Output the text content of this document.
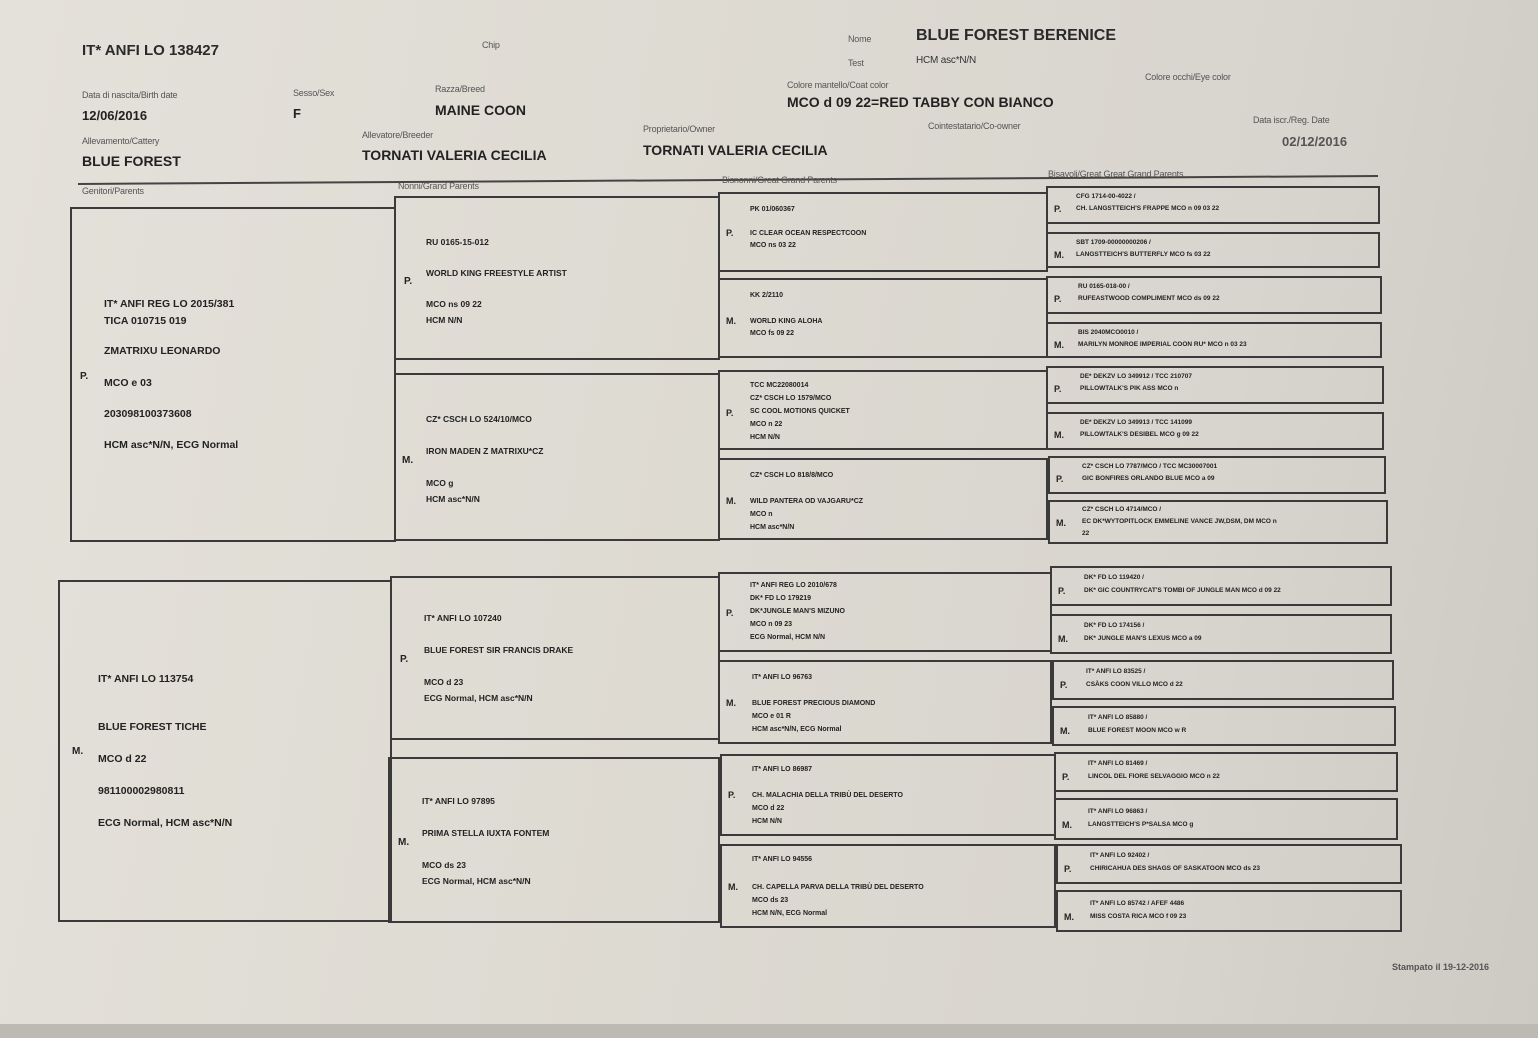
IT* ANFI LO 138427	Chip
Nome	BLUE FOREST BERENICE
Test	HCM asc*N/N
Data di nascita/Birth date
12/06/2016
Sesso/Sex
F
Razza/Breed
MAINE COON
Colore mantello/Coat color
MCO d 09 22=RED TABBY CON BIANCO
Colore occhi/Eye color
Allevamento/Cattery
BLUE FOREST
Allevatore/Breeder
TORNATI VALERIA CECILIA
Proprietario/Owner
TORNATI VALERIA CECILIA
Cointestatario/Co-owner
Data iscr./Reg. Date
02/12/2016
Genitori/Parents	Nonni/Grand Parents
Bisnonni/Great Grand Parents
Bisavoli/Great Great Grand Parents
P.
IT* ANFI REG LO 2015/381
TICA 010715 019
ZMATRIXU LEONARDO
MCO e 03
203098100373608
HCM asc*N/N, ECG Normal
M.
IT* ANFI LO 113754
BLUE FOREST TICHE
MCO d 22
981100002980811
ECG Normal, HCM asc*N/N
P.
RU 0165-15-012
WORLD KING FREESTYLE ARTIST
MCO ns 09 22
HCM N/N
M.
CZ* CSCH LO 524/10/MCO
IRON MADEN Z MATRIXU*CZ
MCO g
HCM asc*N/N
P.
IT* ANFI LO 107240
BLUE FOREST SIR FRANCIS DRAKE
MCO d 23
ECG Normal, HCM asc*N/N
M.
IT* ANFI LO 97895
PRIMA STELLA IUXTA FONTEM
MCO ds 23
ECG Normal, HCM asc*N/N
P.
PK 01/060367
IC CLEAR OCEAN RESPECTCOON
MCO ns 03 22
M.
KK 2/2110
WORLD KING ALOHA
MCO fs 09 22
P.
TCC MC22080014
CZ* CSCH LO 1579/MCO
SC COOL MOTIONS QUICKET
MCO n 22
HCM N/N
M.
CZ* CSCH LO 818/8/MCO
WILD PANTERA OD VAJGARU*CZ
MCO n
HCM asc*N/N
P.
IT* ANFI REG LO 2010/678
DK* FD LO 179219
DK*JUNGLE MAN'S MIZUNO
MCO n 09 23
ECG Normal, HCM N/N
M.
IT* ANFI LO 96763
BLUE FOREST PRECIOUS DIAMOND
MCO e 01 R
HCM asc*N/N, ECG Normal
P.
IT* ANFI LO 86987
CH. MALACHIA DELLA TRIBÙ DEL DESERTO
MCO d 22
HCM N/N
M.
IT* ANFI LO 94556
CH. CAPELLA PARVA DELLA TRIBÙ DEL DESERTO
MCO ds 23
HCM N/N, ECG Normal
P.
CFG 1714-00-4022 /
CH. LANGSTTEICH'S FRAPPE MCO n 09 03 22
M.
SBT 1709-00000000206 /
LANGSTTEICH'S BUTTERFLY MCO fs 03 22
P.
RU 0165-018-00 /
RUFEASTWOOD COMPLIMENT MCO ds 09 22
M.
BIS 2040MCO0010 /
MARILYN MONROE IMPERIAL COON RU* MCO n 03 23
P.
DE* DEKZV LO 349912 / TCC 210707
PILLOWTALK'S PIK ASS MCO n
M.
DE* DEKZV LO 349913 / TCC 141099
PILLOWTALK'S DESIBEL MCO g 09 22
P.
CZ* CSCH LO 7787/MCO / TCC MC30007001
GIC BONFIRES ORLANDO BLUE MCO a 09
M.
CZ* CSCH LO 4714/MCO /
EC DK*WYTOPITLOCK EMMELINE VANCE JW,DSM, DM MCO n
22
P.
DK* FD LO 119420 /
DK* GIC COUNTRYCAT'S TOMBI OF JUNGLE MAN MCO d 09 22
M.
DK* FD LO 174156 /
DK* JUNGLE MAN'S LEXUS MCO a 09
P.
IT* ANFI LO 83525 /
CSÀKS COON VILLO MCO d 22
M.
IT* ANFI LO 85880 /
BLUE FOREST MOON MCO w R
P.
IT* ANFI LO 81469 /
LINCOL DEL FIORE SELVAGGIO MCO n 22
M.
IT* ANFI LO 96863 /
LANGSTTEICH'S P*SALSA MCO g
P.
IT* ANFI LO 92402 /
CHIRICAHUA DES SHAGS OF SASKATOON MCO ds 23
M.
IT* ANFI LO 85742 / AFEF 4486
MISS COSTA RICA MCO f 09 23
Stampato il 19-12-2016
